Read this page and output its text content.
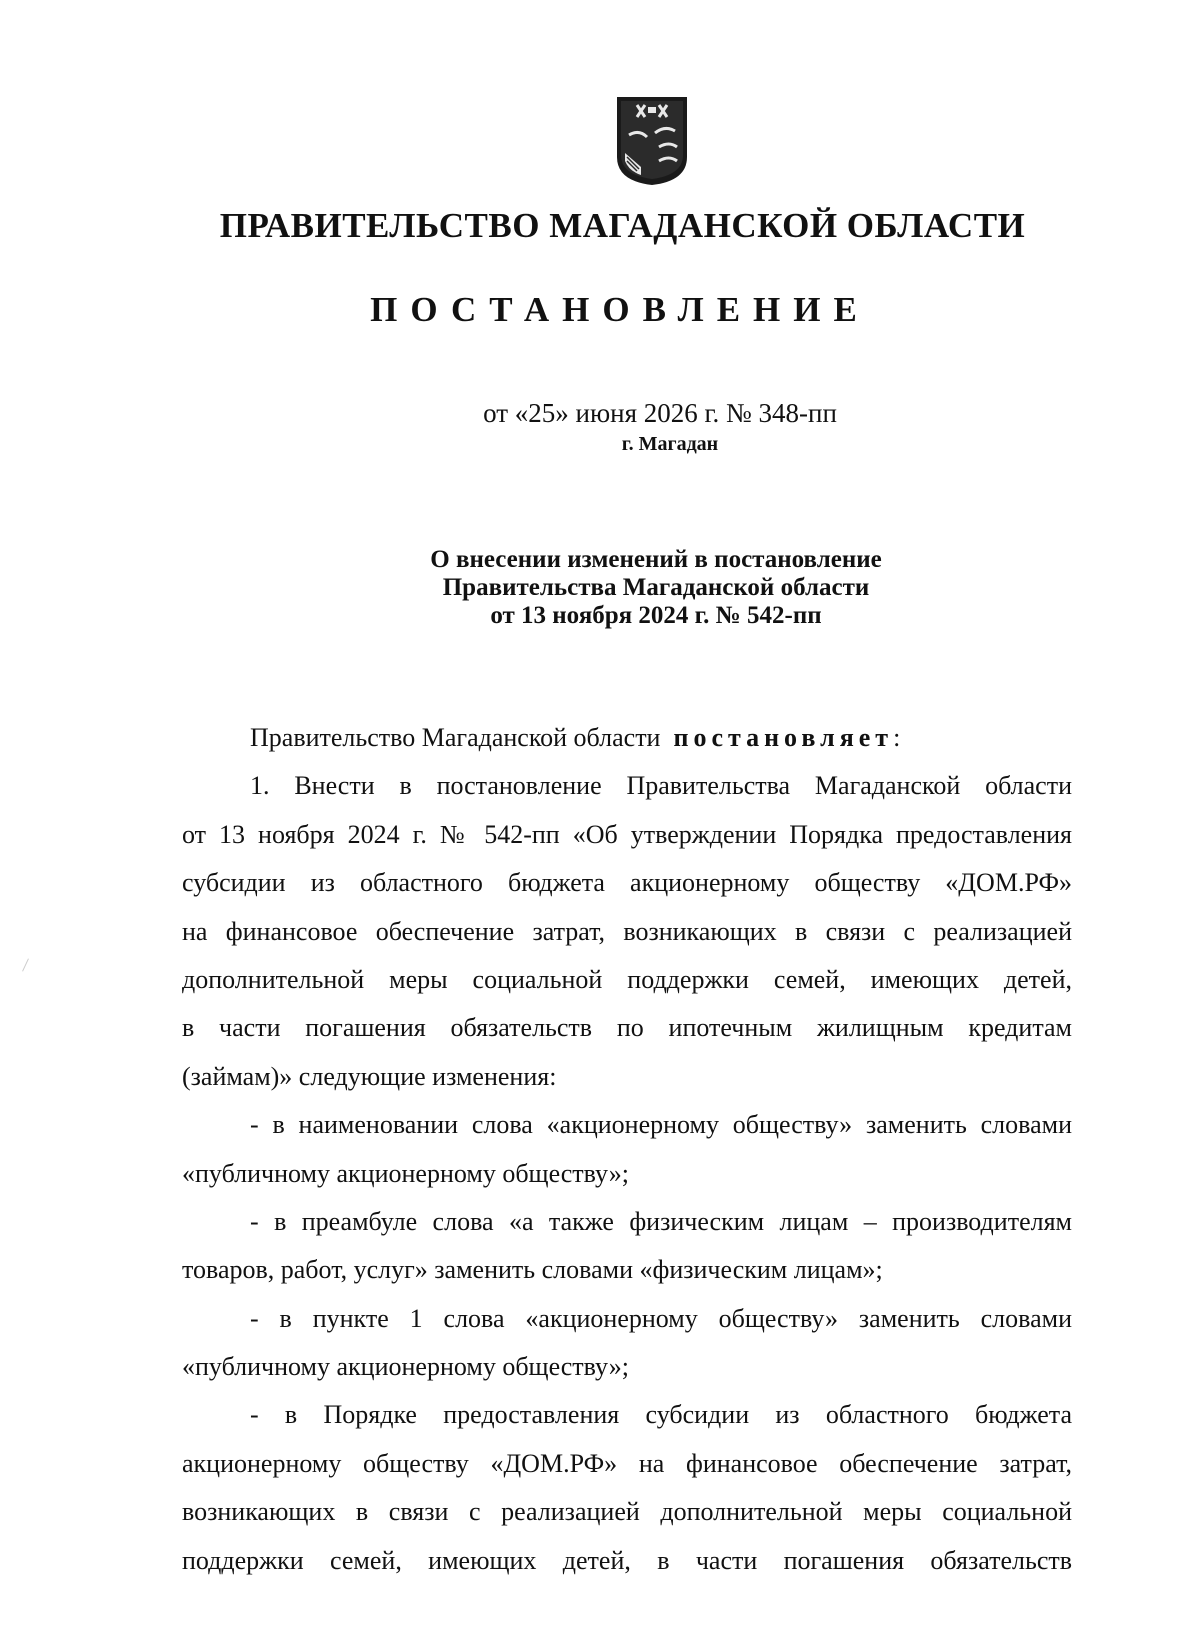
ПРАВИТЕЛЬСТВО МАГАДАНСКОЙ ОБЛАСТИ
ПОСТАНОВЛЕНИЕ
от «25» июня 2026 г. № 348-пп
г. Магадан
О внесении изменений в постановление
Правительства Магаданской области
от 13 ноября 2024 г. № 542-пп
Правительство Магаданской области постановляет:
1. Внести в постановление Правительства Магаданской области
от 13 ноября 2024 г. № 542-пп «Об утверждении Порядка предоставления
субсидии из областного бюджета акционерному обществу «ДОМ.РФ»
на финансовое обеспечение затрат, возникающих в связи с реализацией
дополнительной меры социальной поддержки семей, имеющих детей,
в части погашения обязательств по ипотечным жилищным кредитам
(займам)» следующие изменения:
- в наименовании слова «акционерному обществу» заменить словами
«публичному акционерному обществу»;
- в преамбуле слова «а также физическим лицам – производителям
товаров, работ, услуг» заменить словами «физическим лицам»;
- в пункте 1 слова «акционерному обществу» заменить словами
«публичному акционерному обществу»;
- в Порядке предоставления субсидии из областного бюджета
акционерному обществу «ДОМ.РФ» на финансовое обеспечение затрат,
возникающих в связи с реализацией дополнительной меры социальной
поддержки семей, имеющих детей, в части погашения обязательств
